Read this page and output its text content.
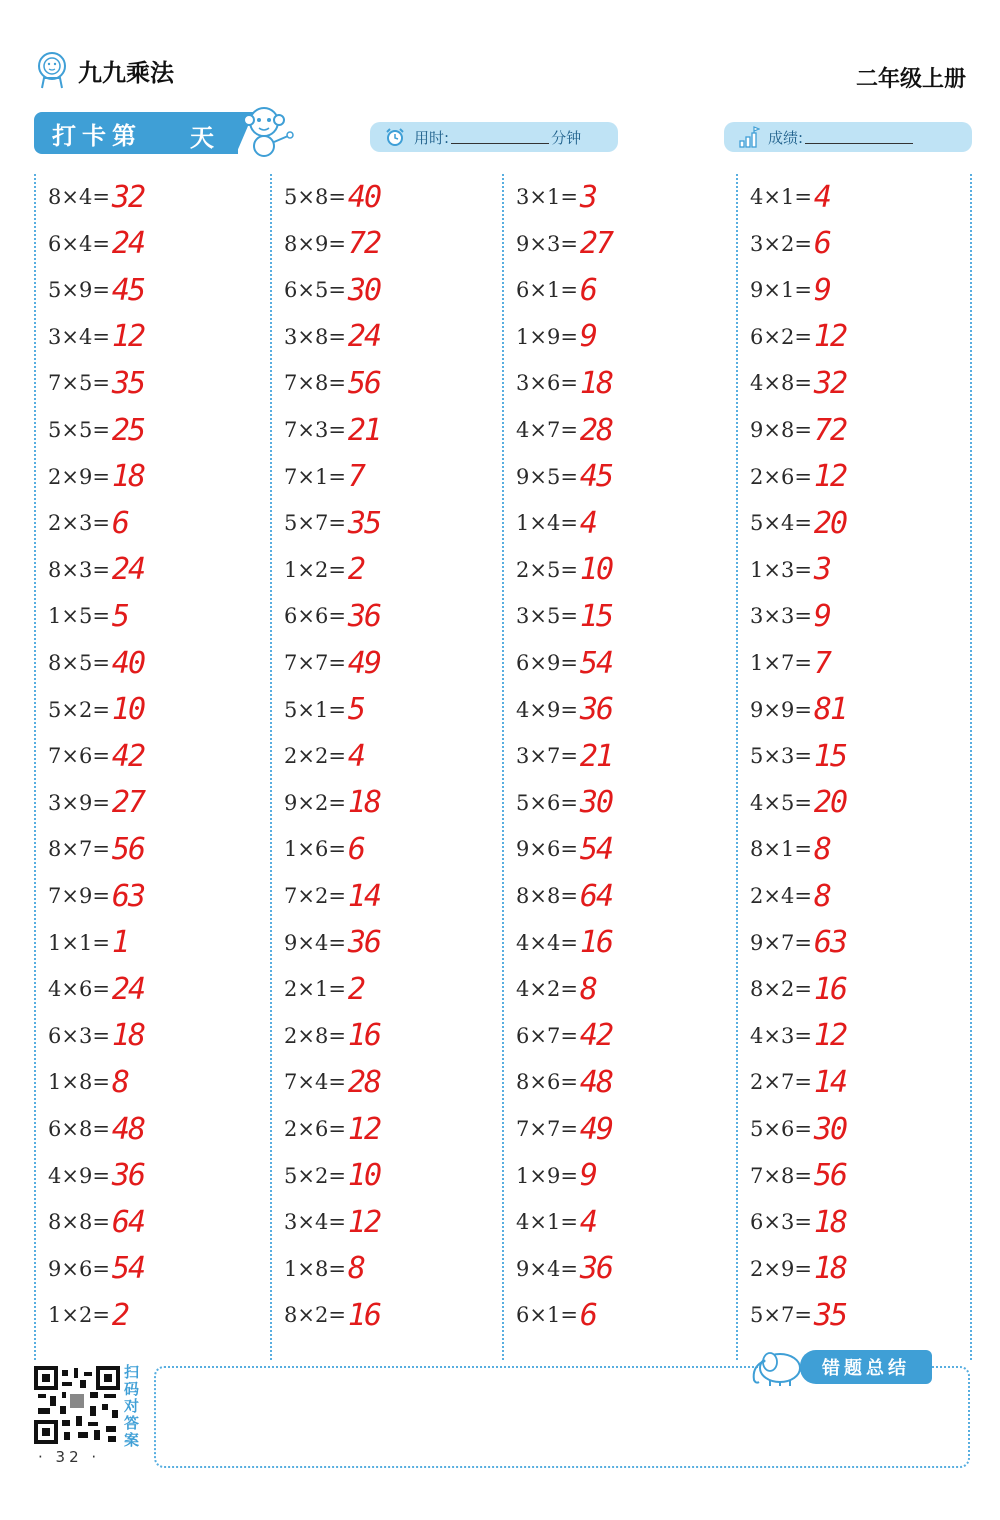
九九乘法	二年级上册
打卡第 天	用时:	分钟	成绩:
8×4= 32
6×4= 24
5×9= 45
3×4= 12
7×5= 35
5×5= 25
2×9= 18
2×3= 6
8×3= 24
1×5= 5
8×5= 40
5×2= 10
7×6= 42
3×9= 27
8×7= 56
7×9= 63
1×1= 1
4×6= 24
6×3= 18
1×8= 8
6×8= 48
4×9= 36
8×8= 64
9×6= 54
1×2= 2
5×8= 40
8×9= 72
6×5= 30
3×8= 24
7×8= 56
7×3= 21
7×1= 7
5×7= 35
1×2= 2
6×6= 36
7×7= 49
5×1= 5
2×2= 4
9×2= 18
1×6= 6
7×2= 14
9×4= 36
2×1= 2
2×8= 16
7×4= 28
2×6= 12
5×2= 10
3×4= 12
1×8= 8
8×2= 16
3×1= 3
9×3= 27
6×1= 6
1×9= 9
3×6= 18
4×7= 28
9×5= 45
1×4= 4
2×5= 10
3×5= 15
6×9= 54
4×9= 36
3×7= 21
5×6= 30
9×6= 54
8×8= 64
4×4= 16
4×2= 8
6×7= 42
8×6= 48
7×7= 49
1×9= 9
4×1= 4
9×4= 36
6×1= 6
4×1= 4
3×2= 6
9×1= 9
6×2= 12
4×8= 32
9×8= 72
2×6= 12
5×4= 20
1×3= 3
3×3= 9
1×7= 7
9×9= 81
5×3= 15
4×5= 20
8×1= 8
2×4= 8
9×7= 63
8×2= 16
4×3= 12
2×7= 14
5×6= 30
7×8= 56
6×3= 18
2×9= 18
5×7= 35
扫码对答案
· 32 ·
错题总结
